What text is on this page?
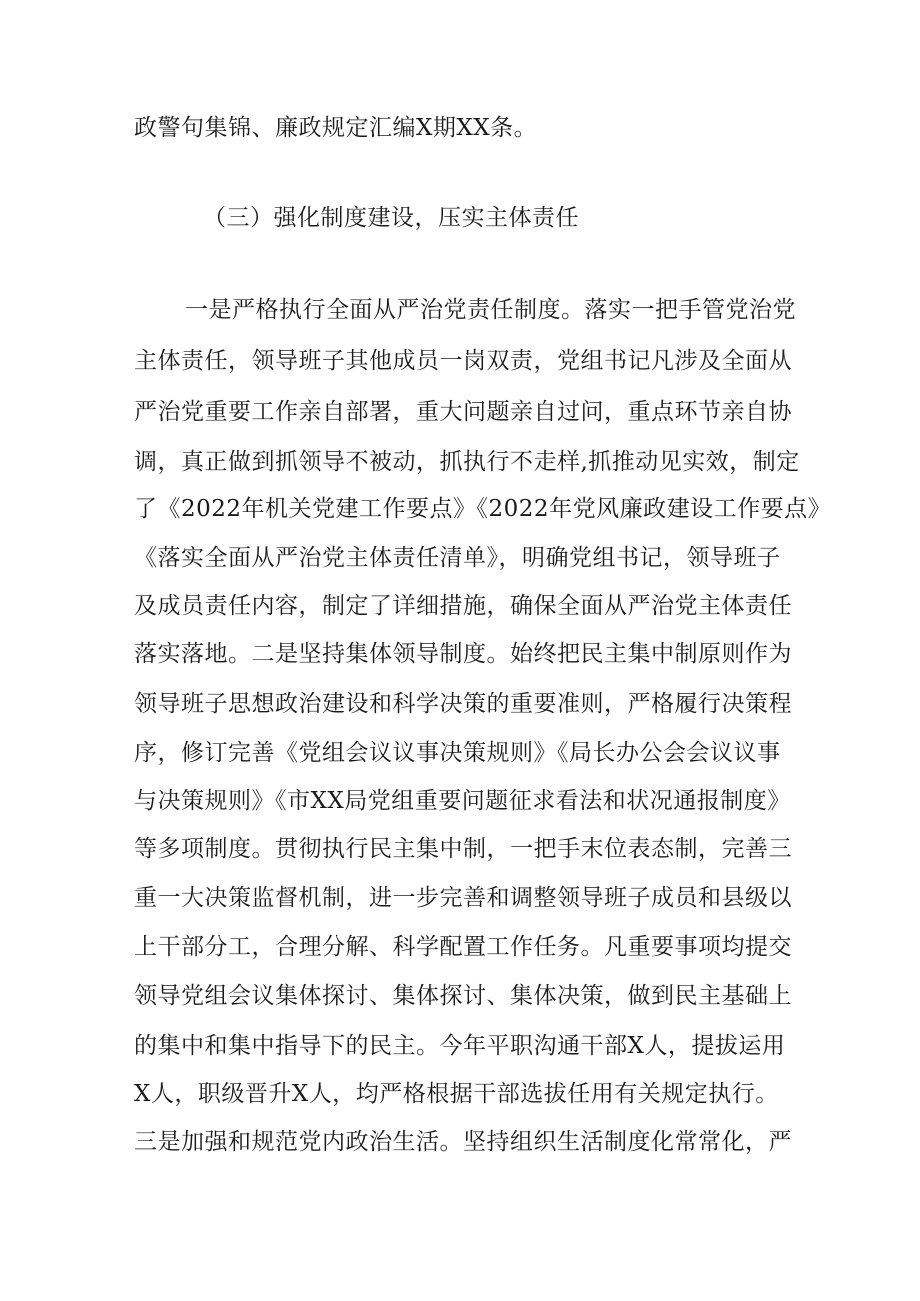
政警句集锦、廉政规定汇编X期XX条。
（三）强化制度建设，压实主体责任
一是严格执行全面从严治党责任制度。落实一把手管党治党
主体责任，领导班子其他成员一岗双责，党组书记凡涉及全面从
严治党重要工作亲自部署，重大问题亲自过问，重点环节亲自协
调，真正做到抓领导不被动，抓执行不走样,抓推动见实效，制定
了《2022年机关党建工作要点》《2022年党风廉政建设工作要点》
《落实全面从严治党主体责任清单》，明确党组书记，领导班子
及成员责任内容，制定了详细措施，确保全面从严治党主体责任
落实落地。二是坚持集体领导制度。始终把民主集中制原则作为
领导班子思想政治建设和科学决策的重要准则，严格履行决策程
序，修订完善《党组会议议事决策规则》《局长办公会会议议事
与决策规则》《市XX局党组重要问题征求看法和状况通报制度》
等多项制度。贯彻执行民主集中制，一把手末位表态制，完善三
重一大决策监督机制，进一步完善和调整领导班子成员和县级以
上干部分工，合理分解、科学配置工作任务。凡重要事项均提交
领导党组会议集体探讨、集体探讨、集体决策，做到民主基础上
的集中和集中指导下的民主。今年平职沟通干部X人，提拔运用
X人，职级晋升X人，均严格根据干部选拔任用有关规定执行。
三是加强和规范党内政治生活。坚持组织生活制度化常常化，严
